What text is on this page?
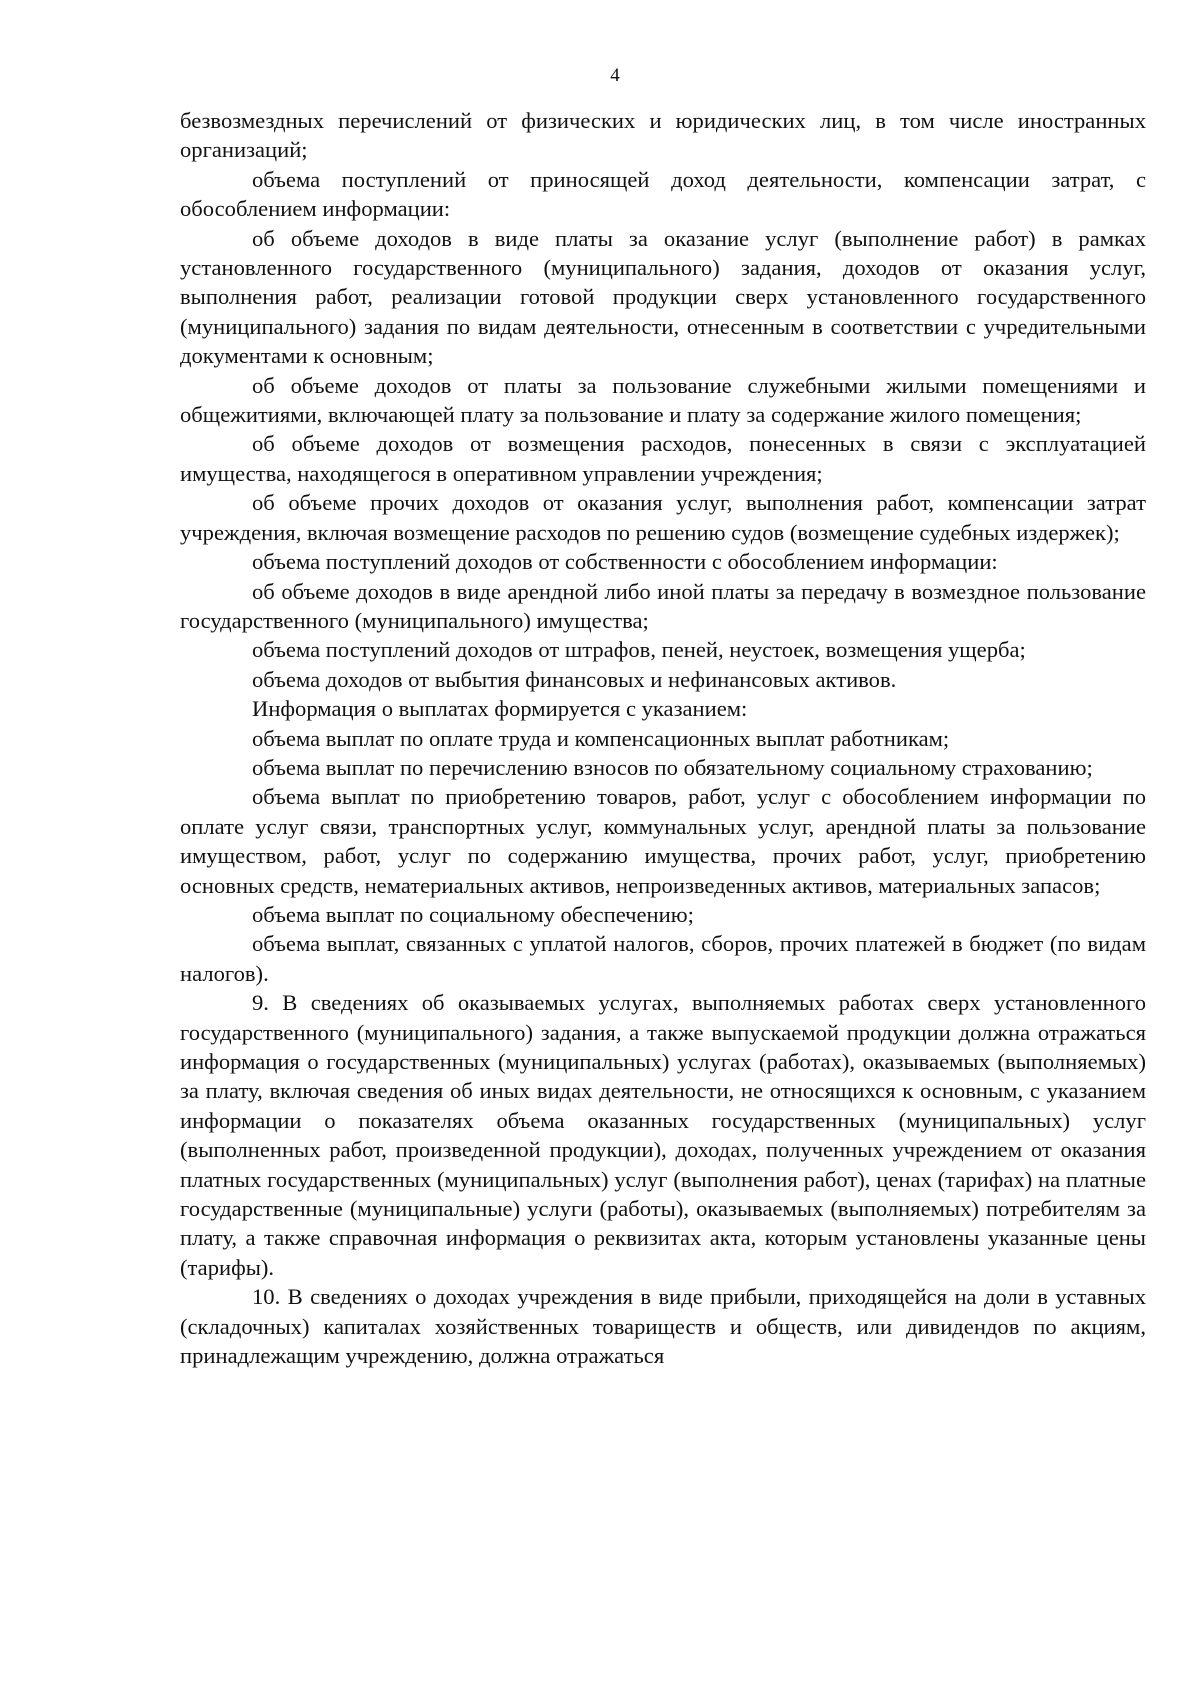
4

безвозмездных перечислений от физических и юридических лиц, в том числе иностранных организаций;

объема поступлений от приносящей доход деятельности, компенсации затрат, с обособлением информации:

об объеме доходов в виде платы за оказание услуг (выполнение работ) в рамках установленного государственного (муниципального) задания, доходов от оказания услуг, выполнения работ, реализации готовой продукции сверх установленного государственного (муниципального) задания по видам деятельности, отнесенным в соответствии с учредительными документами к основным;

об объеме доходов от платы за пользование служебными жилыми помещениями и общежитиями, включающей плату за пользование и плату за содержание жилого помещения;

об объеме доходов от возмещения расходов, понесенных в связи с эксплуатацией имущества, находящегося в оперативном управлении учреждения;

об объеме прочих доходов от оказания услуг, выполнения работ, компенсации затрат учреждения, включая возмещение расходов по решению судов (возмещение судебных издержек);

объема поступлений доходов от собственности с обособлением информации:

об объеме доходов в виде арендной либо иной платы за передачу в возмездное пользование государственного (муниципального) имущества;

объема поступлений доходов от штрафов, пеней, неустоек, возмещения ущерба;

объема доходов от выбытия финансовых и нефинансовых активов.

Информация о выплатах формируется с указанием:

объема выплат по оплате труда и компенсационных выплат работникам;

объема выплат по перечислению взносов по обязательному социальному страхованию;

объема выплат по приобретению товаров, работ, услуг с обособлением информации по оплате услуг связи, транспортных услуг, коммунальных услуг, арендной платы за пользование имуществом, работ, услуг по содержанию имущества, прочих работ, услуг, приобретению основных средств, нематериальных активов, непроизведенных активов, материальных запасов;

объема выплат по социальному обеспечению;

объема выплат, связанных с уплатой налогов, сборов, прочих платежей в бюджет (по видам налогов).

9. В сведениях об оказываемых услугах, выполняемых работах сверх установленного государственного (муниципального) задания, а также выпускаемой продукции должна отражаться информация о государственных (муниципальных) услугах (работах), оказываемых (выполняемых) за плату, включая сведения об иных видах деятельности, не относящихся к основным, с указанием информации о показателях объема оказанных государственных (муниципальных) услуг (выполненных работ, произведенной продукции), доходах, полученных учреждением от оказания платных государственных (муниципальных) услуг (выполнения работ), ценах (тарифах) на платные государственные (муниципальные) услуги (работы), оказываемых (выполняемых) потребителям за плату, а также справочная информация о реквизитах акта, которым установлены указанные цены (тарифы).

10. В сведениях о доходах учреждения в виде прибыли, приходящейся на доли в уставных (складочных) капиталах хозяйственных товариществ и обществ, или дивидендов по акциям, принадлежащим учреждению, должна отражаться
